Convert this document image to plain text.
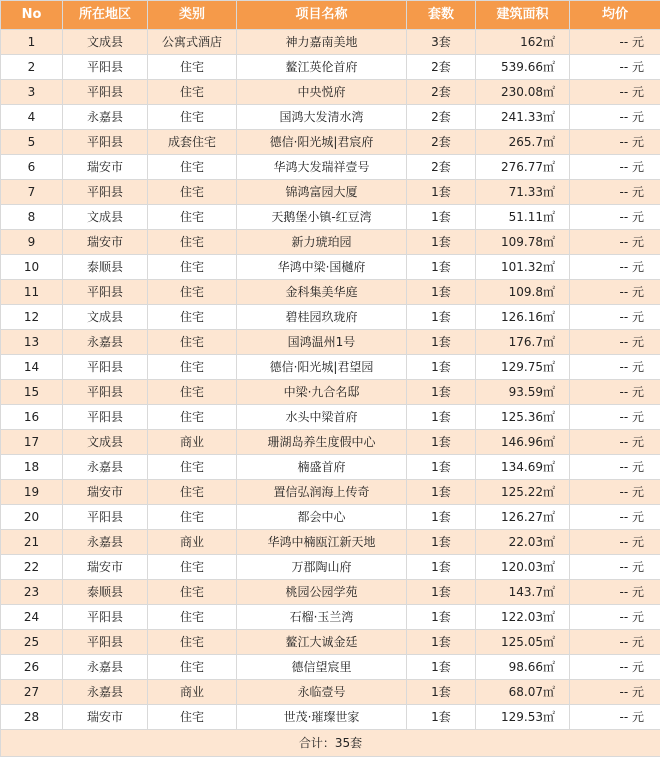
No	所在地区	类别	项目名称	套数	建筑面积	均价
1	文成县	公寓式酒店	神力嘉南美地	3套	162㎡	-- 元
2	平阳县	住宅	鳌江英伦首府	2套	539.66㎡	-- 元
3	平阳县	住宅	中央悦府	2套	230.08㎡	-- 元
4	永嘉县	住宅	国鸿大发清水湾	2套	241.33㎡	-- 元
5	平阳县	成套住宅	德信·阳光城|君宸府	2套	265.7㎡	-- 元
6	瑞安市	住宅	华鸿大发瑞祥壹号	2套	276.77㎡	-- 元
7	平阳县	住宅	锦鸿富园大厦	1套	71.33㎡	-- 元
8	文成县	住宅	天鹅堡小镇-红豆湾	1套	51.11㎡	-- 元
9	瑞安市	住宅	新力琥珀园	1套	109.78㎡	-- 元
10	泰顺县	住宅	华鸿中梁·国樾府	1套	101.32㎡	-- 元
11	平阳县	住宅	金科集美华庭	1套	109.8㎡	-- 元
12	文成县	住宅	碧桂园玖珑府	1套	126.16㎡	-- 元
13	永嘉县	住宅	国鸿温州1号	1套	176.7㎡	-- 元
14	平阳县	住宅	德信·阳光城|君望园	1套	129.75㎡	-- 元
15	平阳县	住宅	中梁·九合名邸	1套	93.59㎡	-- 元
16	平阳县	住宅	水头中梁首府	1套	125.36㎡	-- 元
17	文成县	商业	珊湖岛养生度假中心	1套	146.96㎡	-- 元
18	永嘉县	住宅	楠盛首府	1套	134.69㎡	-- 元
19	瑞安市	住宅	置信弘润海上传奇	1套	125.22㎡	-- 元
20	平阳县	住宅	都会中心	1套	126.27㎡	-- 元
21	永嘉县	商业	华鸿中楠瓯江新天地	1套	22.03㎡	-- 元
22	瑞安市	住宅	万郡陶山府	1套	120.03㎡	-- 元
23	泰顺县	住宅	桃园公园学苑	1套	143.7㎡	-- 元
24	平阳县	住宅	石榴·玉兰湾	1套	122.03㎡	-- 元
25	平阳县	住宅	鳌江大诚金廷	1套	125.05㎡	-- 元
26	永嘉县	住宅	德信望宸里	1套	98.66㎡	-- 元
27	永嘉县	商业	永临壹号	1套	68.07㎡	-- 元
28	瑞安市	住宅	世茂·璀璨世家	1套	129.53㎡	-- 元
合计：35套						
